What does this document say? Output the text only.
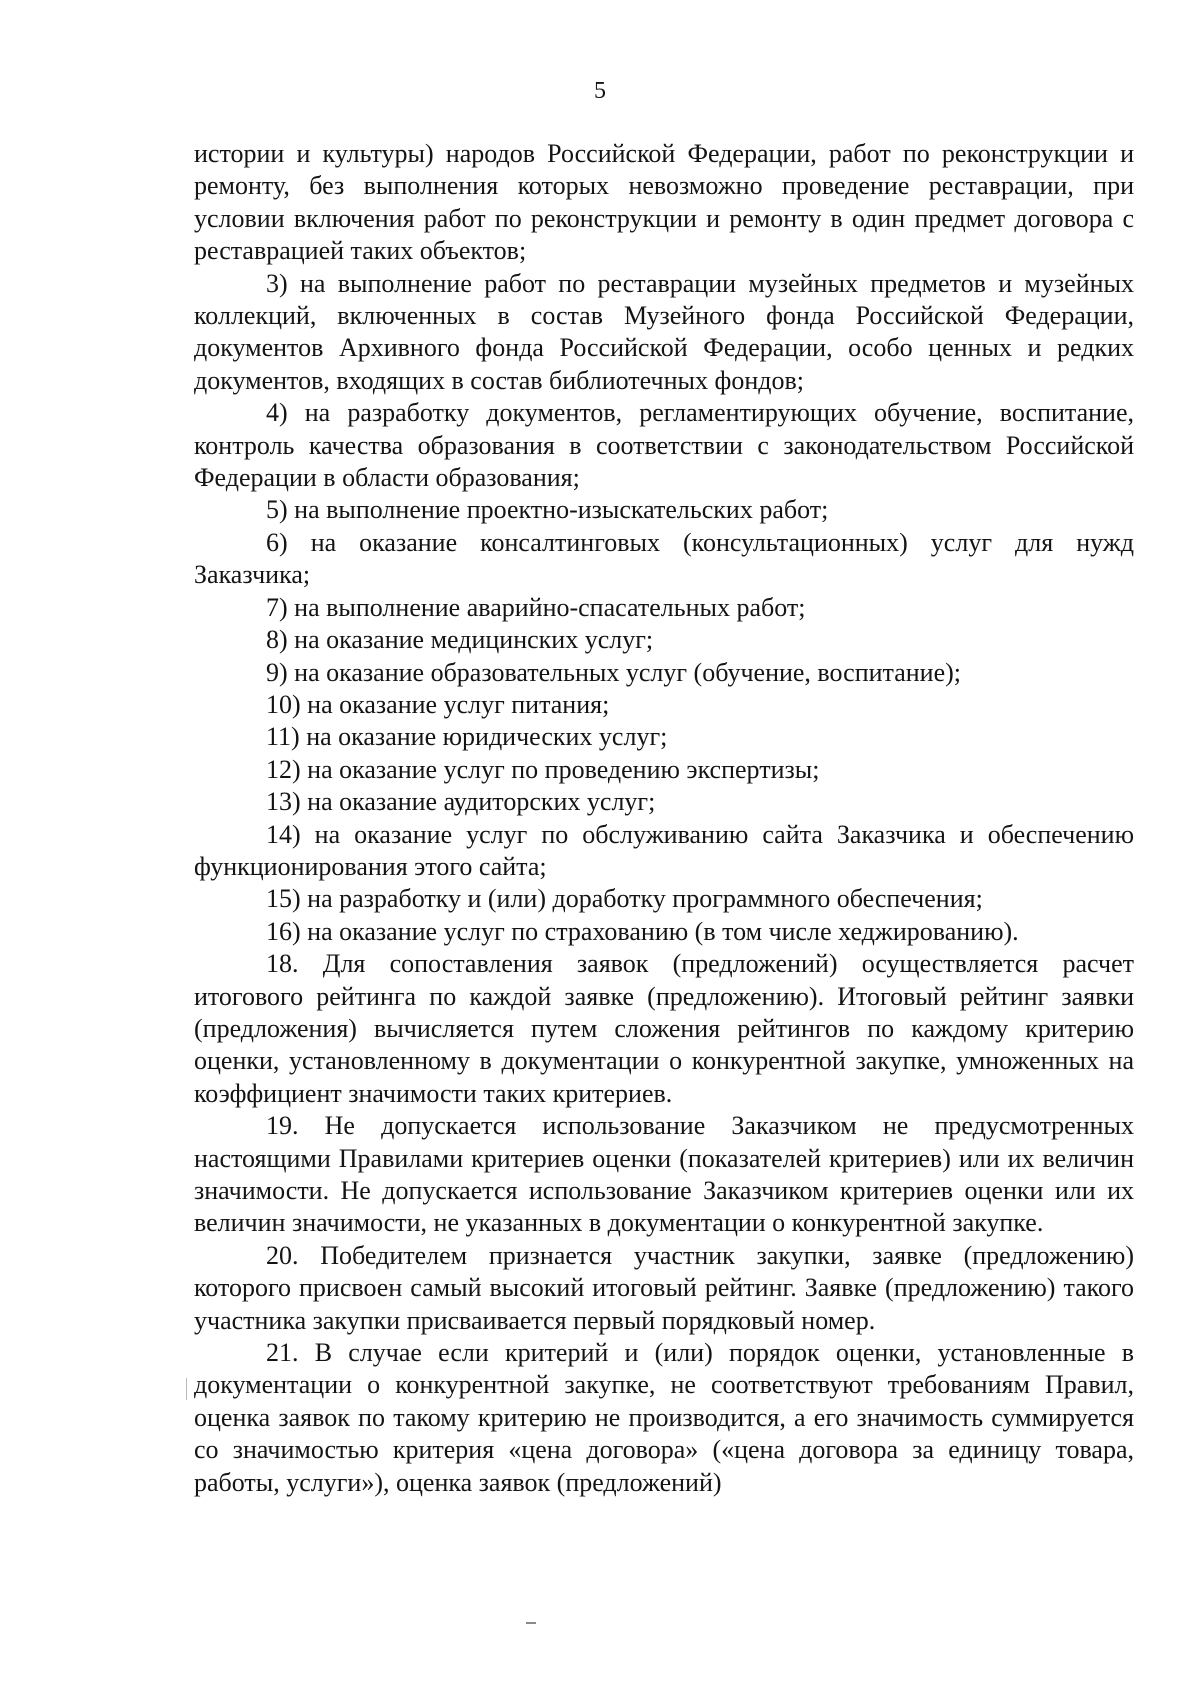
5

истории и культуры) народов Российской Федерации, работ по реконструкции и ремонту, без выполнения которых невозможно проведение реставрации, при условии включения работ по реконструкции и ремонту в один предмет договора с реставрацией таких объектов;

3) на выполнение работ по реставрации музейных предметов и музейных коллекций, включенных в состав Музейного фонда Российской Федерации, документов Архивного фонда Российской Федерации, особо ценных и редких документов, входящих в состав библиотечных фондов;

4) на разработку документов, регламентирующих обучение, воспитание, контроль качества образования в соответствии с законодательством Российской Федерации в области образования;

5) на выполнение проектно-изыскательских работ;

6) на оказание консалтинговых (консультационных) услуг для нужд Заказчика;

7) на выполнение аварийно-спасательных работ;

8) на оказание медицинских услуг;

9) на оказание образовательных услуг (обучение, воспитание);

10) на оказание услуг питания;

11) на оказание юридических услуг;

12) на оказание услуг по проведению экспертизы;

13) на оказание аудиторских услуг;

14) на оказание услуг по обслуживанию сайта Заказчика и обеспечению функционирования этого сайта;

15) на разработку и (или) доработку программного обеспечения;

16) на оказание услуг по страхованию (в том числе хеджированию).

18. Для сопоставления заявок (предложений) осуществляется расчет итогового рейтинга по каждой заявке (предложению). Итоговый рейтинг заявки (предложения) вычисляется путем сложения рейтингов по каждому критерию оценки, установленному в документации о конкурентной закупке, умноженных на коэффициент значимости таких критериев.

19. Не допускается использование Заказчиком не предусмотренных настоящими Правилами критериев оценки (показателей критериев) или их величин значимости. Не допускается использование Заказчиком критериев оценки или их величин значимости, не указанных в документации о конкурентной закупке.

20. Победителем признается участник закупки, заявке (предложению) которого присвоен самый высокий итоговый рейтинг. Заявке (предложению) такого участника закупки присваивается первый порядковый номер.

21. В случае если критерий и (или) порядок оценки, установленные в документации о конкурентной закупке, не соответствуют требованиям Правил, оценка заявок по такому критерию не производится, а его значимость суммируется со значимостью критерия «цена договора» («цена договора за единицу товара, работы, услуги»), оценка заявок (предложений)
